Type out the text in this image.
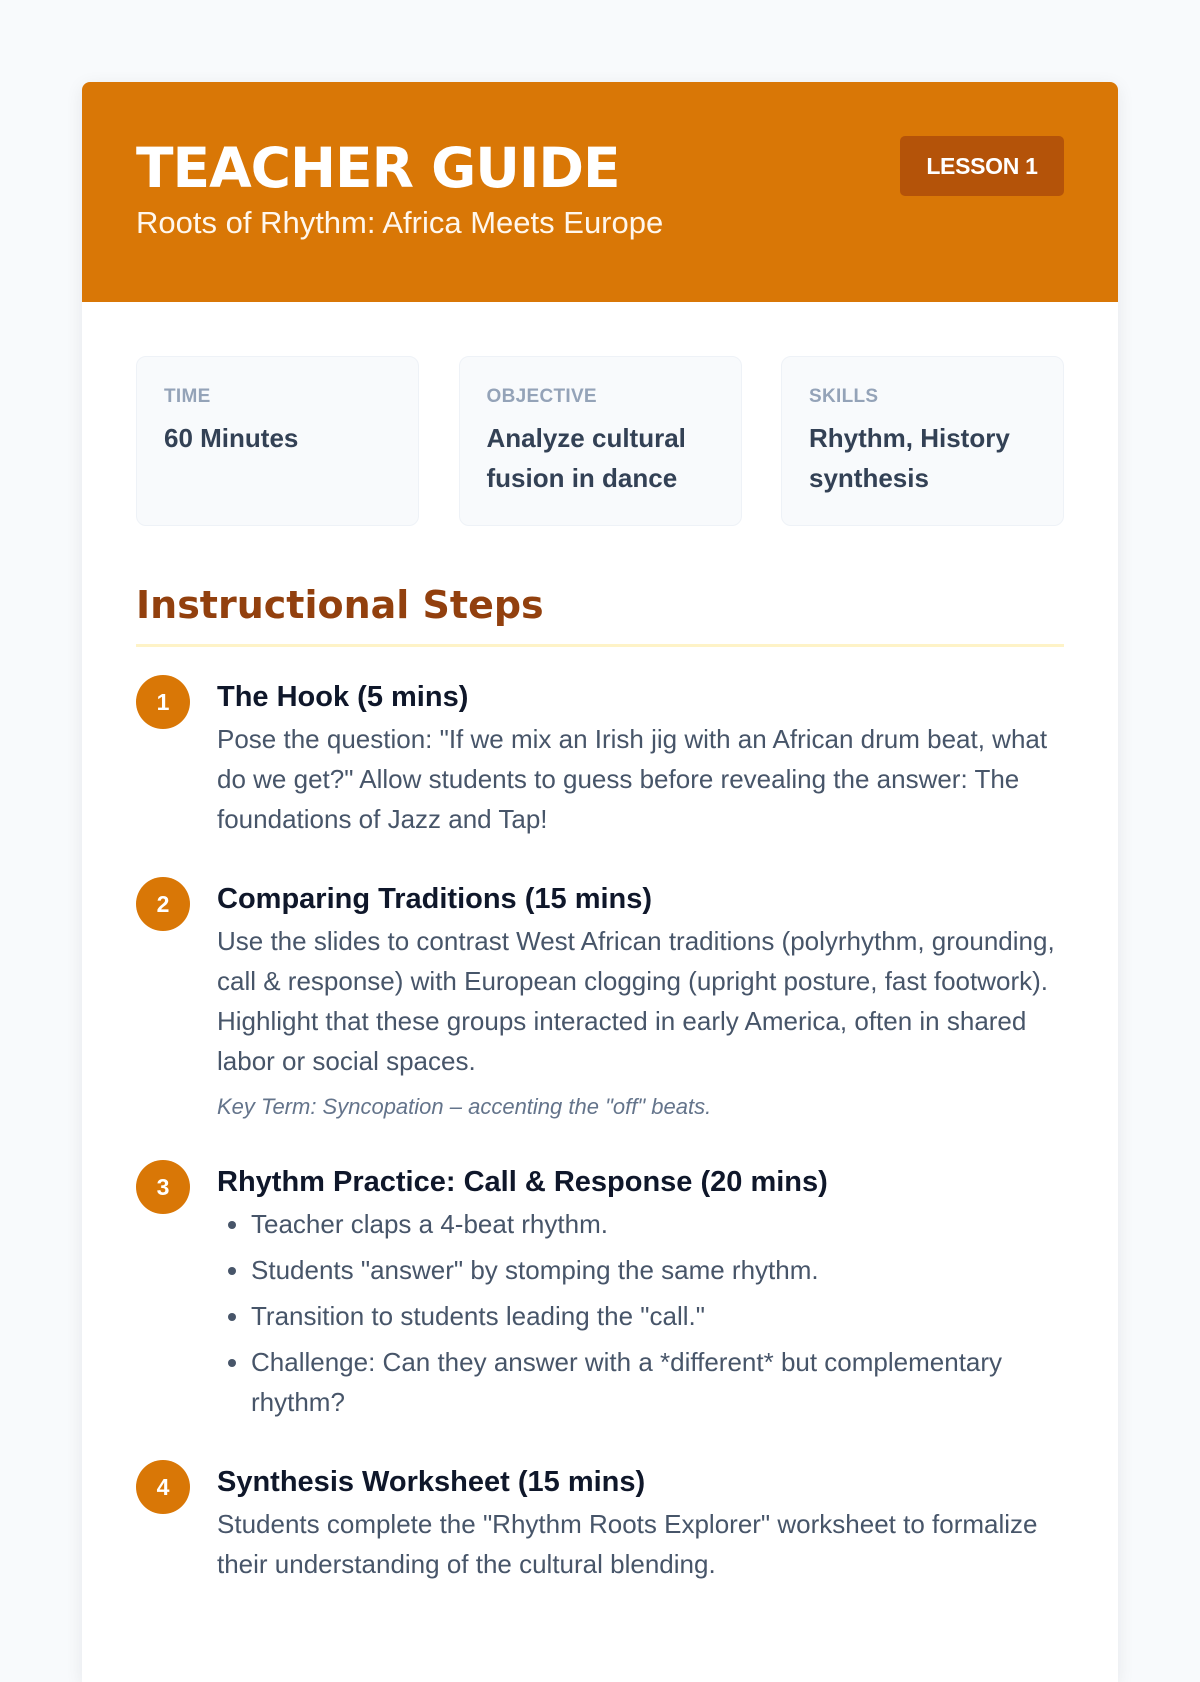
TEACHER GUIDE
Roots of Rhythm: Africa Meets Europe
LESSON 1
TIME
60 Minutes
OBJECTIVE
Analyze cultural fusion in dance
SKILLS
Rhythm, History synthesis
Instructional Steps
1	The Hook (5 mins)
Pose the question: "If we mix an Irish jig with an African drum beat, what do we get?" Allow students to guess before revealing the answer: The foundations of Jazz and Tap!
2	Comparing Traditions (15 mins)
Use the slides to contrast West African traditions (polyrhythm, grounding, call & response) with European clogging (upright posture, fast footwork). Highlight that these groups interacted in early America, often in shared labor or social spaces.
Key Term: Syncopation – accenting the "off" beats.
3	Rhythm Practice: Call & Response (20 mins)
• Teacher claps a 4-beat rhythm.
• Students "answer" by stomping the same rhythm.
• Transition to students leading the "call."
• Challenge: Can they answer with a *different* but complementary rhythm?
4	Synthesis Worksheet (15 mins)
Students complete the "Rhythm Roots Explorer" worksheet to formalize their understanding of the cultural blending.
